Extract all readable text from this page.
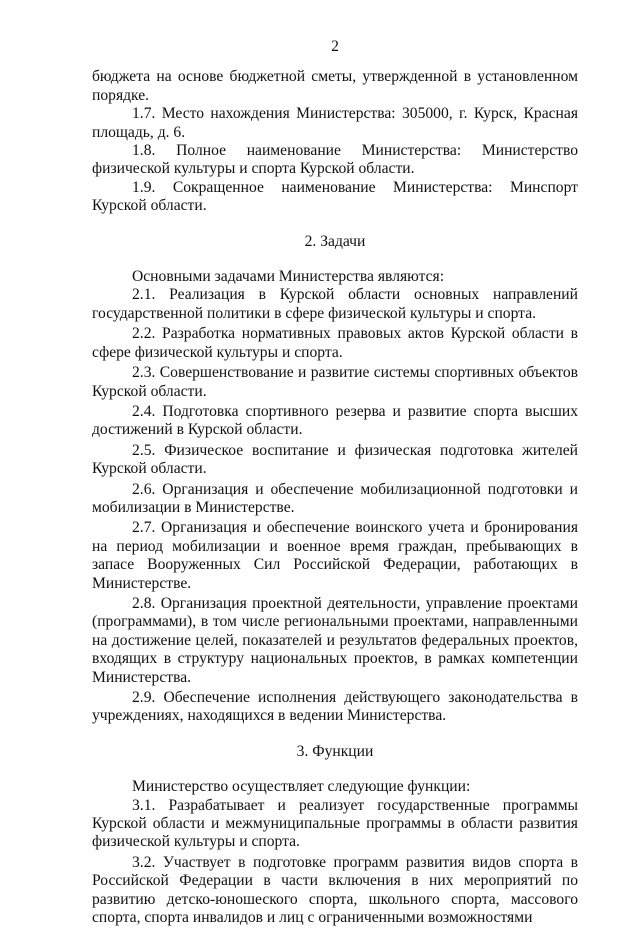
2

бюджета на основе бюджетной сметы, утвержденной в установленном порядке.

1.7. Место нахождения Министерства: 305000, г. Курск, Красная площадь, д. 6.

1.8. Полное наименование Министерства: Министерство физической культуры и спорта Курской области.

1.9. Сокращенное наименование Министерства: Минспорт Курской области.

2. Задачи

Основными задачами Министерства являются:

2.1. Реализация в Курской области основных направлений государственной политики в сфере физической культуры и спорта.

2.2. Разработка нормативных правовых актов Курской области в сфере физической культуры и спорта.

2.3. Совершенствование и развитие системы спортивных объектов Курской области.

2.4. Подготовка спортивного резерва и развитие спорта высших достижений в Курской области.

2.5. Физическое воспитание и физическая подготовка жителей Курской области.

2.6. Организация и обеспечение мобилизационной подготовки и мобилизации в Министерстве.

2.7. Организация и обеспечение воинского учета и бронирования на период мобилизации и военное время граждан, пребывающих в запасе Вооруженных Сил Российской Федерации, работающих в Министерстве.

2.8. Организация проектной деятельности, управление проектами (программами), в том числе региональными проектами, направленными на достижение целей, показателей и результатов федеральных проектов, входящих в структуру национальных проектов, в рамках компетенции Министерства.

2.9. Обеспечение исполнения действующего законодательства в учреждениях, находящихся в ведении Министерства.

3. Функции

Министерство осуществляет следующие функции:

3.1. Разрабатывает и реализует государственные программы Курской области и межмуниципальные программы в области развития физической культуры и спорта.

3.2. Участвует в подготовке программ развития видов спорта в Российской Федерации в части включения в них мероприятий по развитию детско-юношеского спорта, школьного спорта, массового спорта, спорта инвалидов и лиц с ограниченными возможностями
